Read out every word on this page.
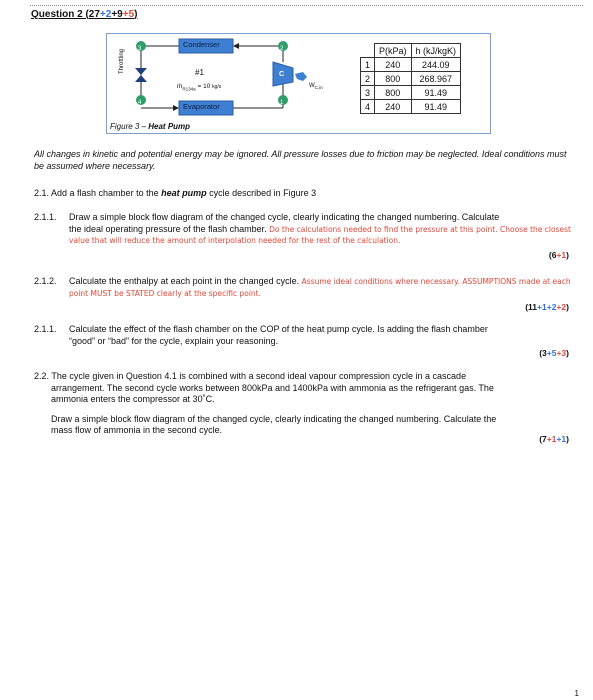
Question 2 (27+2+9+5)
3	2
1
4
Condenser
Evaporator
C
$W_{C,in}$
Throttling	#1
ṁ$_{R134a}$ = 10 kg/s
	P(kPa)	h (kJ/kgK)
1	240	244.09
2	800	268.967
3	800	91.49
4	240	91.49
Figure 3 – Heat Pump
All changes in kinetic and potential energy may be ignored. All pressure losses due to friction may be neglected. Ideal conditions must be assumed where necessary.
2.1. Add a flash chamber to the heat pump cycle described in Figure 3
2.1.1. Draw a simple block flow diagram of the changed cycle, clearly indicating the changed numbering. Calculate
the ideal operating pressure of the flash chamber. Do the calculations needed to find the pressure at this point. Choose the closest
value that will reduce the amount of interpolation needed for the rest of the calculation.
(6+1)
2.1.2. Calculate the enthalpy at each point in the changed cycle. Assume ideal conditions where necessary. ASSUMPTIONS made at each
point MUST be STATED clearly at the specific point.
(11+1+2+2)
2.1.1. Calculate the effect of the flash chamber on the COP of the heat pump cycle. Is adding the flash chamber
“good” or “bad” for the cycle, explain your reasoning.
(3+5+3)
2.2. The cycle given in Question 4.1 is combined with a second ideal vapour compression cycle in a cascade
arrangement. The second cycle works between 800kPa and 1400kPa with ammonia as the refrigerant gas. The
ammonia enters the compressor at 30˚C.
Draw a simple block flow diagram of the changed cycle, clearly indicating the changed numbering. Calculate the
mass flow of ammonia in the second cycle.
(7+1+1)
1
